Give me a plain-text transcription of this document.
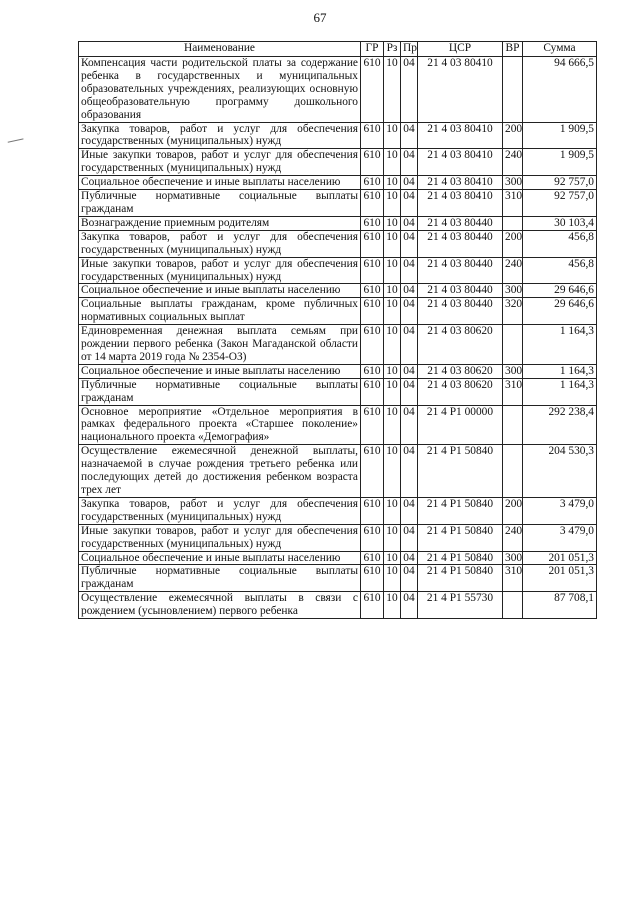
67
Наименование	ГР	Рз	Пр	ЦСР	ВР	Сумма
Компенсация части родительской платы за содержание ребенка в государственных и муниципальных образовательных учреждениях, реализующих основную общеобразовательную программу дошкольного образования	610	10	04	21 4 03 80410		94 666,5
Закупка товаров, работ и услуг для обеспечения государственных (муниципальных) нужд	610	10	04	21 4 03 80410	200	1 909,5
Иные закупки товаров, работ и услуг для обеспечения государственных (муниципальных) нужд	610	10	04	21 4 03 80410	240	1 909,5
Социальное обеспечение и иные выплаты населению	610	10	04	21 4 03 80410	300	92 757,0
Публичные нормативные социальные выплаты гражданам	610	10	04	21 4 03 80410	310	92 757,0
Вознаграждение приемным родителям	610	10	04	21 4 03 80440		30 103,4
Закупка товаров, работ и услуг для обеспечения государственных (муниципальных) нужд	610	10	04	21 4 03 80440	200	456,8
Иные закупки товаров, работ и услуг для обеспечения государственных (муниципальных) нужд	610	10	04	21 4 03 80440	240	456,8
Социальное обеспечение и иные выплаты населению	610	10	04	21 4 03 80440	300	29 646,6
Социальные выплаты гражданам, кроме публичных нормативных социальных выплат	610	10	04	21 4 03 80440	320	29 646,6
Единовременная денежная выплата семьям при рождении первого ребенка (Закон Магаданской области от 14 марта 2019 года № 2354-ОЗ)	610	10	04	21 4 03 80620		1 164,3
Социальное обеспечение и иные выплаты населению	610	10	04	21 4 03 80620	300	1 164,3
Публичные нормативные социальные выплаты гражданам	610	10	04	21 4 03 80620	310	1 164,3
Основное мероприятие «Отдельное мероприятия в рамках федерального проекта «Старшее поколение» национального проекта «Демография»	610	10	04	21 4 P1 00000		292 238,4
Осуществление ежемесячной денежной выплаты, назначаемой в случае рождения третьего ребенка или последующих детей до достижения ребенком возраста трех лет	610	10	04	21 4 P1 50840		204 530,3
Закупка товаров, работ и услуг для обеспечения государственных (муниципальных) нужд	610	10	04	21 4 P1 50840	200	3 479,0
Иные закупки товаров, работ и услуг для обеспечения государственных (муниципальных) нужд	610	10	04	21 4 P1 50840	240	3 479,0
Социальное обеспечение и иные выплаты населению	610	10	04	21 4 P1 50840	300	201 051,3
Публичные нормативные социальные выплаты гражданам	610	10	04	21 4 P1 50840	310	201 051,3
Осуществление ежемесячной выплаты в связи с рождением (усыновлением) первого ребенка	610	10	04	21 4 P1 55730		87 708,1
